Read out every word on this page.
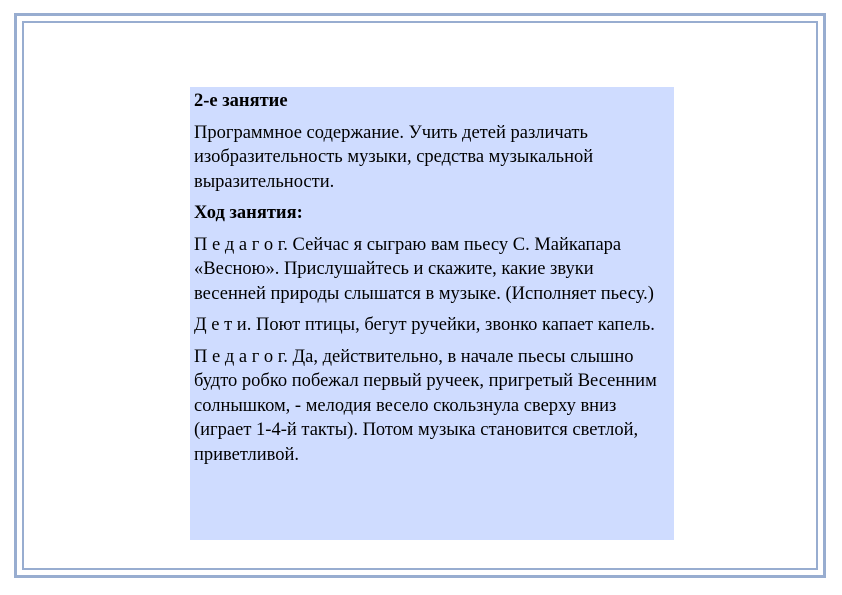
2-е занятие

Программное содержание. Учить детей различать изобразительность музыки, средства музыкальной выразительности.

Ход занятия:

П е д а г о г. Сейчас я сыграю вам пьесу С. Майкапара «Весною». Прислушайтесь и скажите, какие звуки весенней природы слышатся в музыке. (Исполняет пьесу.)

Д е т и. Поют птицы, бегут ручейки, звонко капает капель.

П е д а г о г. Да, действительно, в начале пьесы слышно будто робко побежал первый ручеек, пригретый Весенним солнышком, - мелодия весело скользнула сверху вниз (играет 1-4-й такты). Потом музыка становится светлой, приветливой.
